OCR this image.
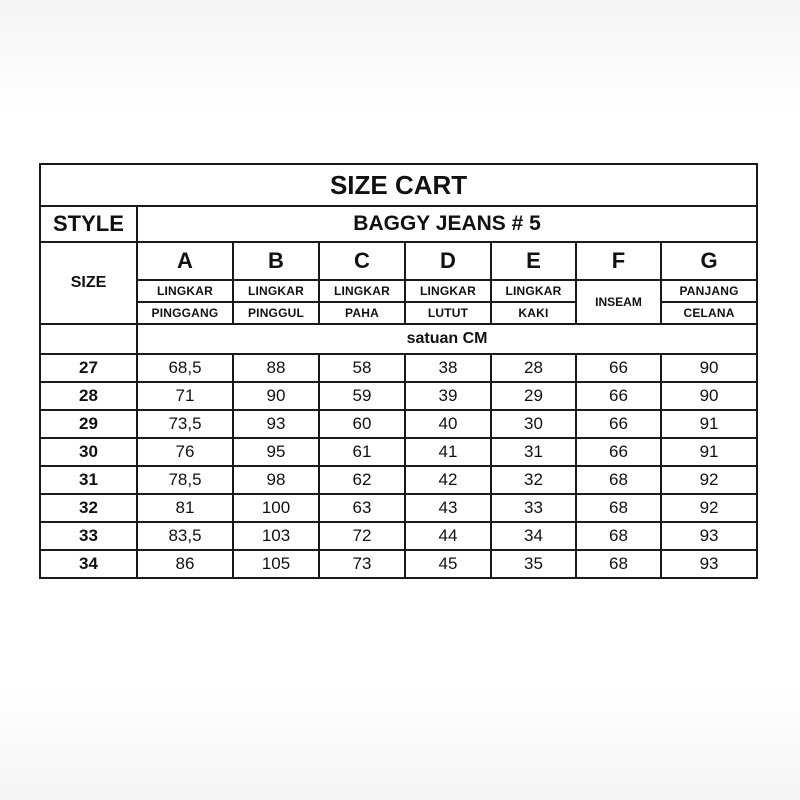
SIZE CART							
STYLE	BAGGY JEANS # 5						
SIZE	A	B	C	D	E	F	G
	LINGKAR	LINGKAR	LINGKAR	LINGKAR	LINGKAR	INSEAM	PANJANG
	PINGGANG	PINGGUL	PAHA	LUTUT	KAKI		CELANA
	satuan CM						
27	68,5	88	58	38	28	66	90
28	71	90	59	39	29	66	90
29	73,5	93	60	40	30	66	91
30	76	95	61	41	31	66	91
31	78,5	98	62	42	32	68	92
32	81	100	63	43	33	68	92
33	83,5	103	72	44	34	68	93
34	86	105	73	45	35	68	93
